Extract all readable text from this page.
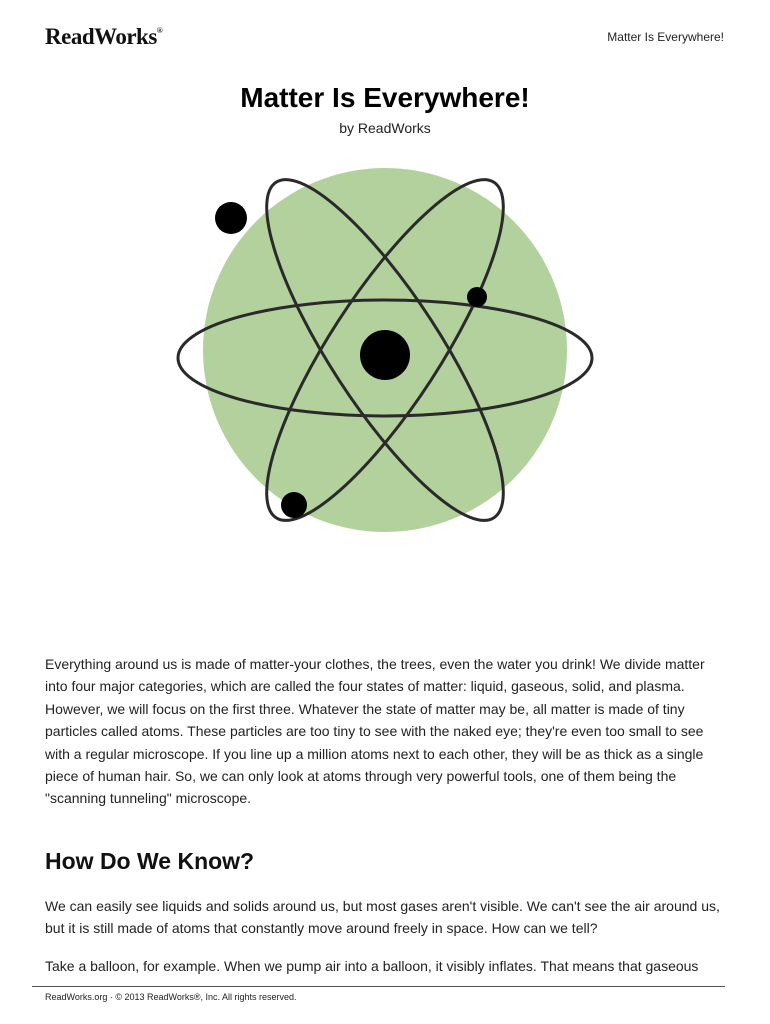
ReadWorks®	Matter Is Everywhere!
Matter Is Everywhere!
by ReadWorks

Everything around us is made of matter-your clothes, the trees, even the water you drink! We divide matter into four major categories, which are called the four states of matter: liquid, gaseous, solid, and plasma. However, we will focus on the first three. Whatever the state of matter may be, all matter is made of tiny particles called atoms. These particles are too tiny to see with the naked eye; they're even too small to see with a regular microscope. If you line up a million atoms next to each other, they will be as thick as a single piece of human hair. So, we can only look at atoms through very powerful tools, one of them being the "scanning tunneling" microscope.

How Do We Know?

We can easily see liquids and solids around us, but most gases aren't visible. We can't see the air around us, but it is still made of atoms that constantly move around freely in space. How can we tell?

Take a balloon, for example. When we pump air into a balloon, it visibly inflates. That means that gaseous

ReadWorks.org · © 2013 ReadWorks®, Inc. All rights reserved.
